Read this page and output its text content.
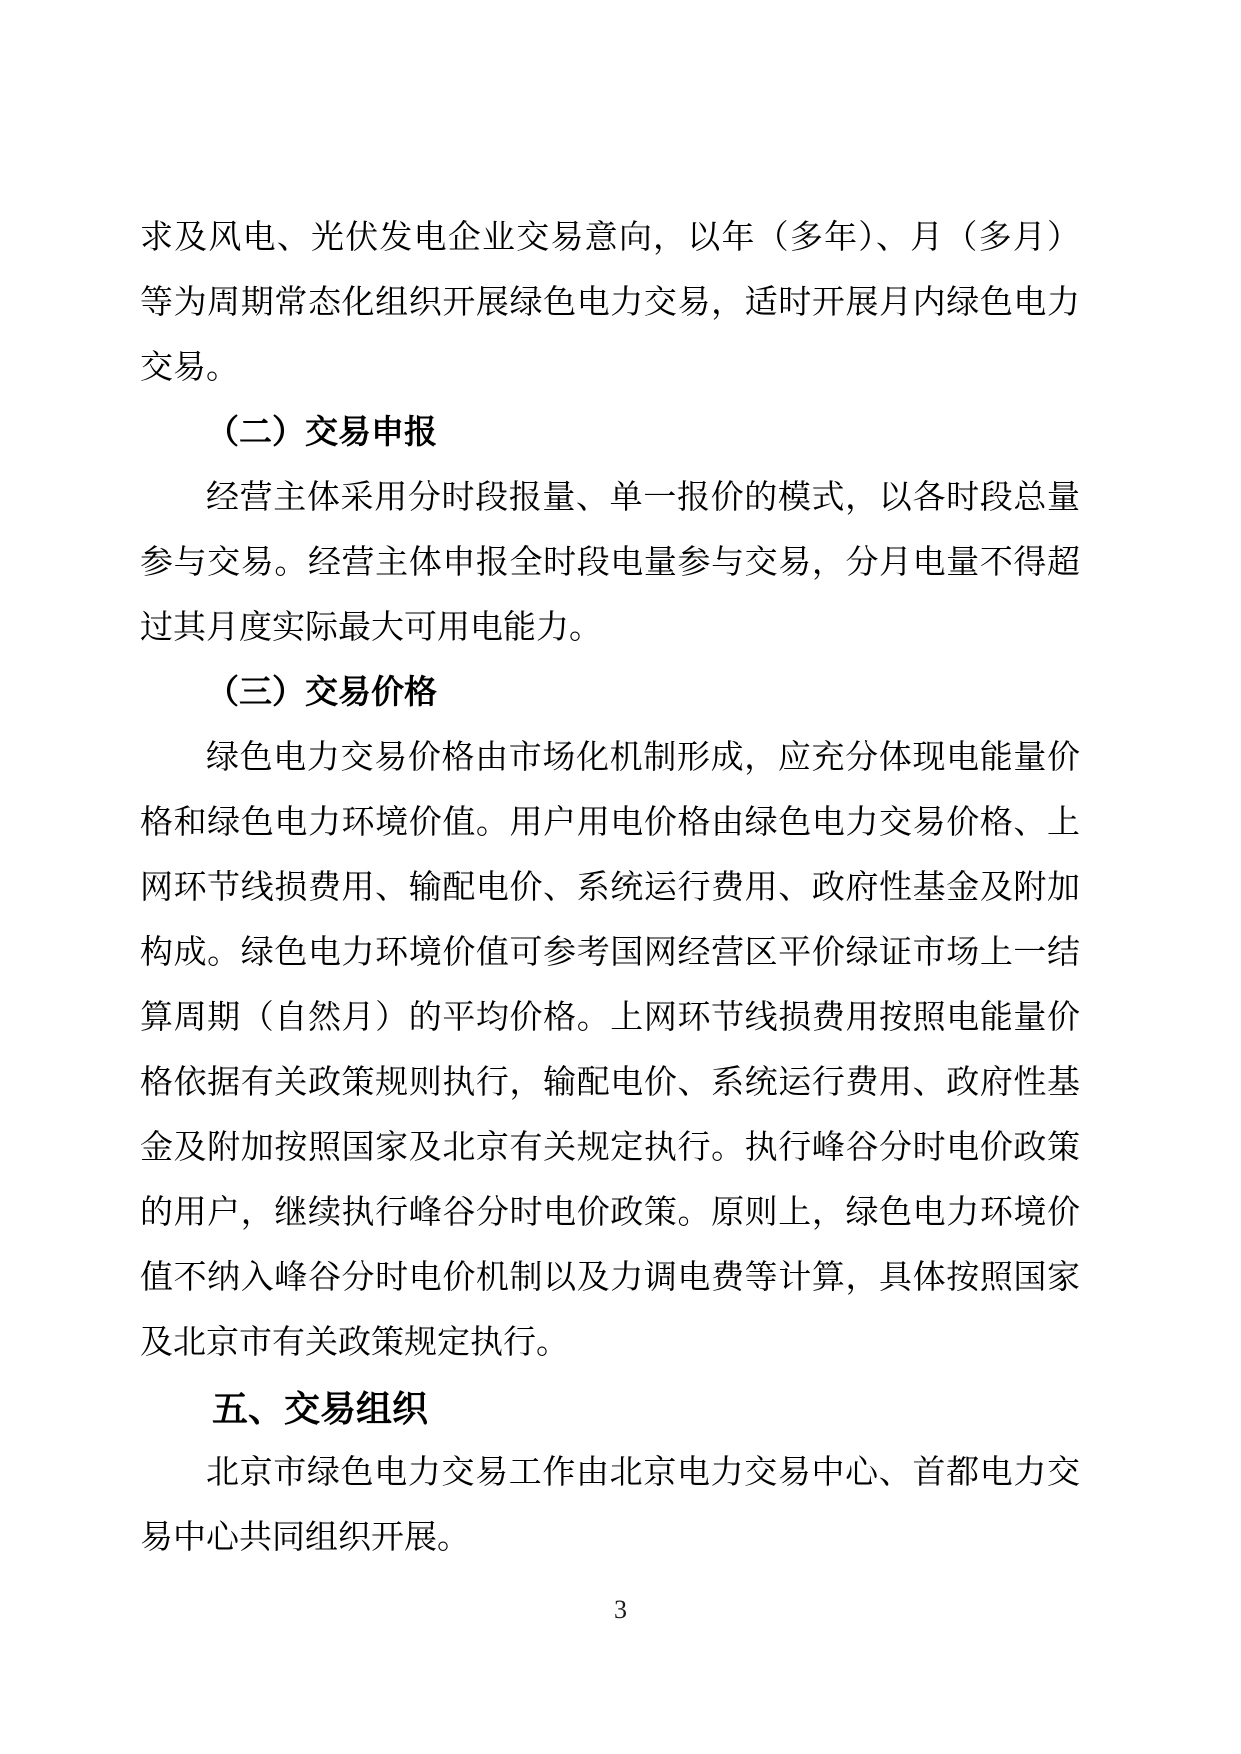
求及风电、光伏发电企业交易意向，以年（多年）、月（多月）等为周期常态化组织开展绿色电力交易，适时开展月内绿色电力交易。

（二）交易申报

经营主体采用分时段报量、单一报价的模式，以各时段总量参与交易。经营主体申报全时段电量参与交易，分月电量不得超过其月度实际最大可用电能力。

（三）交易价格

绿色电力交易价格由市场化机制形成，应充分体现电能量价格和绿色电力环境价值。用户用电价格由绿色电力交易价格、上网环节线损费用、输配电价、系统运行费用、政府性基金及附加构成。绿色电力环境价值可参考国网经营区平价绿证市场上一结算周期（自然月）的平均价格。上网环节线损费用按照电能量价格依据有关政策规则执行，输配电价、系统运行费用、政府性基金及附加按照国家及北京有关规定执行。执行峰谷分时电价政策的用户，继续执行峰谷分时电价政策。原则上，绿色电力环境价值不纳入峰谷分时电价机制以及力调电费等计算，具体按照国家及北京市有关政策规定执行。

五、交易组织

北京市绿色电力交易工作由北京电力交易中心、首都电力交易中心共同组织开展。

3
